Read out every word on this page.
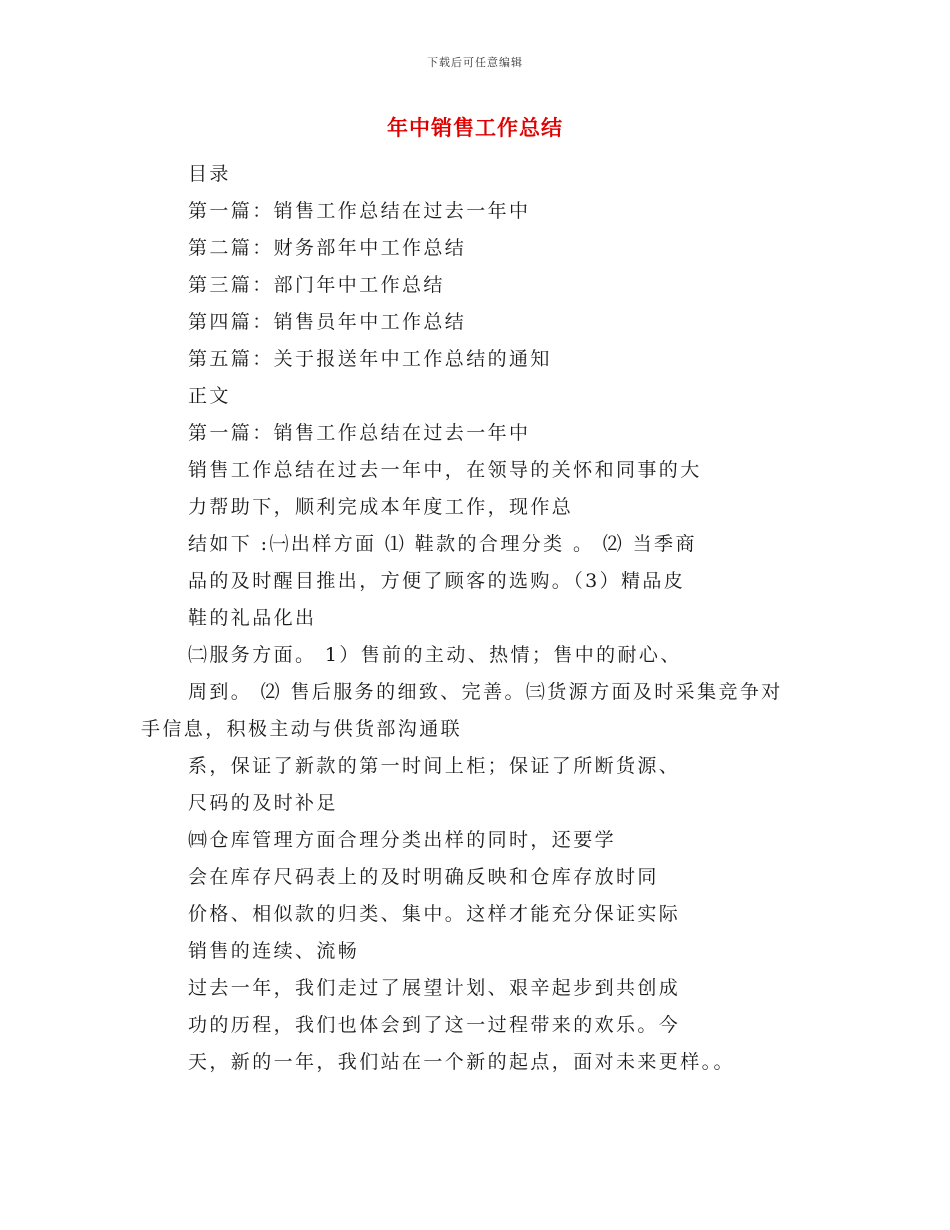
下载后可任意编辑
年中销售工作总结
目录
第一篇：销售工作总结在过去一年中
第二篇：财务部年中工作总结
第三篇：部门年中工作总结
第四篇：销售员年中工作总结
第五篇：关于报送年中工作总结的通知
正文
第一篇：销售工作总结在过去一年中
销售工作总结在过去一年中，在领导的关怀和同事的大
力帮助下，顺利完成本年度工作，现作总
结如下 :㈠出样方面 ⑴ 鞋款的合理分类 。 ⑵ 当季商
品的及时醒目推出，方便了顾客的选购。（3）精品皮
鞋的礼品化出
㈡服务方面。 1）售前的主动、热情；售中的耐心、
周到。 ⑵ 售后服务的细致、完善。㈢货源方面及时采集竞争对
手信息，积极主动与供货部沟通联
系，保证了新款的第一时间上柜；保证了所断货源、
尺码的及时补足
㈣仓库管理方面合理分类出样的同时，还要学
会在库存尺码表上的及时明确反映和仓库存放时同
价格、相似款的归类、集中。这样才能充分保证实际
销售的连续、流畅
过去一年，我们走过了展望计划、艰辛起步到共创成
功的历程，我们也体会到了这一过程带来的欢乐。今
天，新的一年，我们站在一个新的起点，面对未来更样。。
